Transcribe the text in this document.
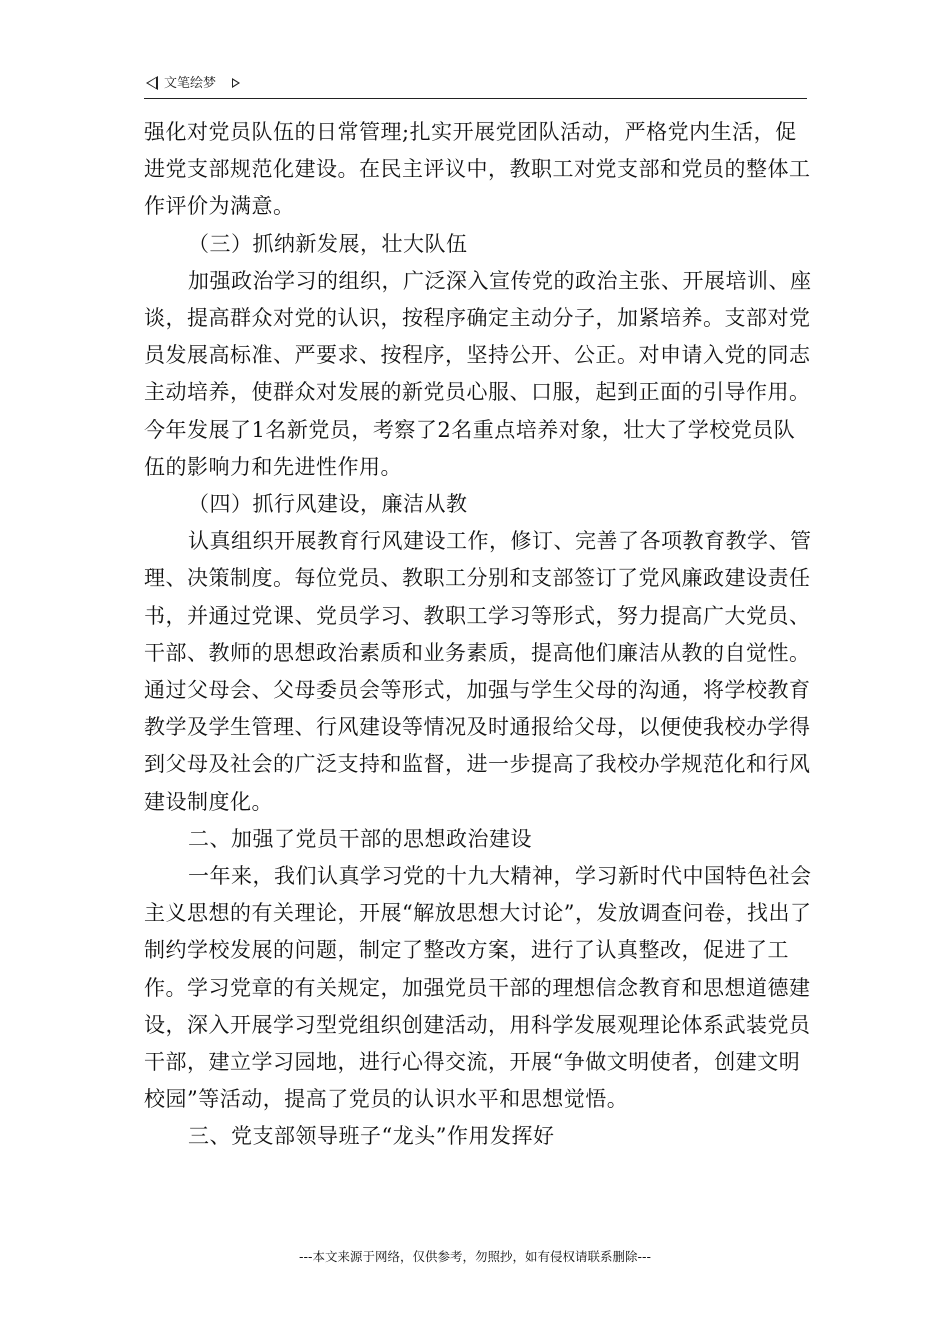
文笔绘梦

强化对党员队伍的日常管理;扎实开展党团队活动，严格党内生活，促进党支部规范化建设。在民主评议中，教职工对党支部和党员的整体工作评价为满意。

（三）抓纳新发展，壮大队伍

加强政治学习的组织，广泛深入宣传党的政治主张、开展培训、座谈，提高群众对党的认识，按程序确定主动分子，加紧培养。支部对党员发展高标准、严要求、按程序，坚持公开、公正。对申请入党的同志主动培养，使群众对发展的新党员心服、口服，起到正面的引导作用。今年发展了1名新党员，考察了2名重点培养对象，壮大了学校党员队伍的影响力和先进性作用。

（四）抓行风建设，廉洁从教

认真组织开展教育行风建设工作，修订、完善了各项教育教学、管理、决策制度。每位党员、教职工分别和支部签订了党风廉政建设责任书，并通过党课、党员学习、教职工学习等形式，努力提高广大党员、干部、教师的思想政治素质和业务素质，提高他们廉洁从教的自觉性。通过父母会、父母委员会等形式，加强与学生父母的沟通，将学校教育教学及学生管理、行风建设等情况及时通报给父母，以便使我校办学得到父母及社会的广泛支持和监督，进一步提高了我校办学规范化和行风建设制度化。

二、加强了党员干部的思想政治建设

一年来，我们认真学习党的十九大精神，学习新时代中国特色社会主义思想的有关理论，开展“解放思想大讨论”，发放调查问卷，找出了制约学校发展的问题，制定了整改方案，进行了认真整改，促进了工作。学习党章的有关规定，加强党员干部的理想信念教育和思想道德建设，深入开展学习型党组织创建活动，用科学发展观理论体系武装党员干部，建立学习园地，进行心得交流，开展“争做文明使者，创建文明校园”等活动，提高了党员的认识水平和思想觉悟。

三、党支部领导班子“龙头”作用发挥好

---本文来源于网络，仅供参考，勿照抄，如有侵权请联系删除---
